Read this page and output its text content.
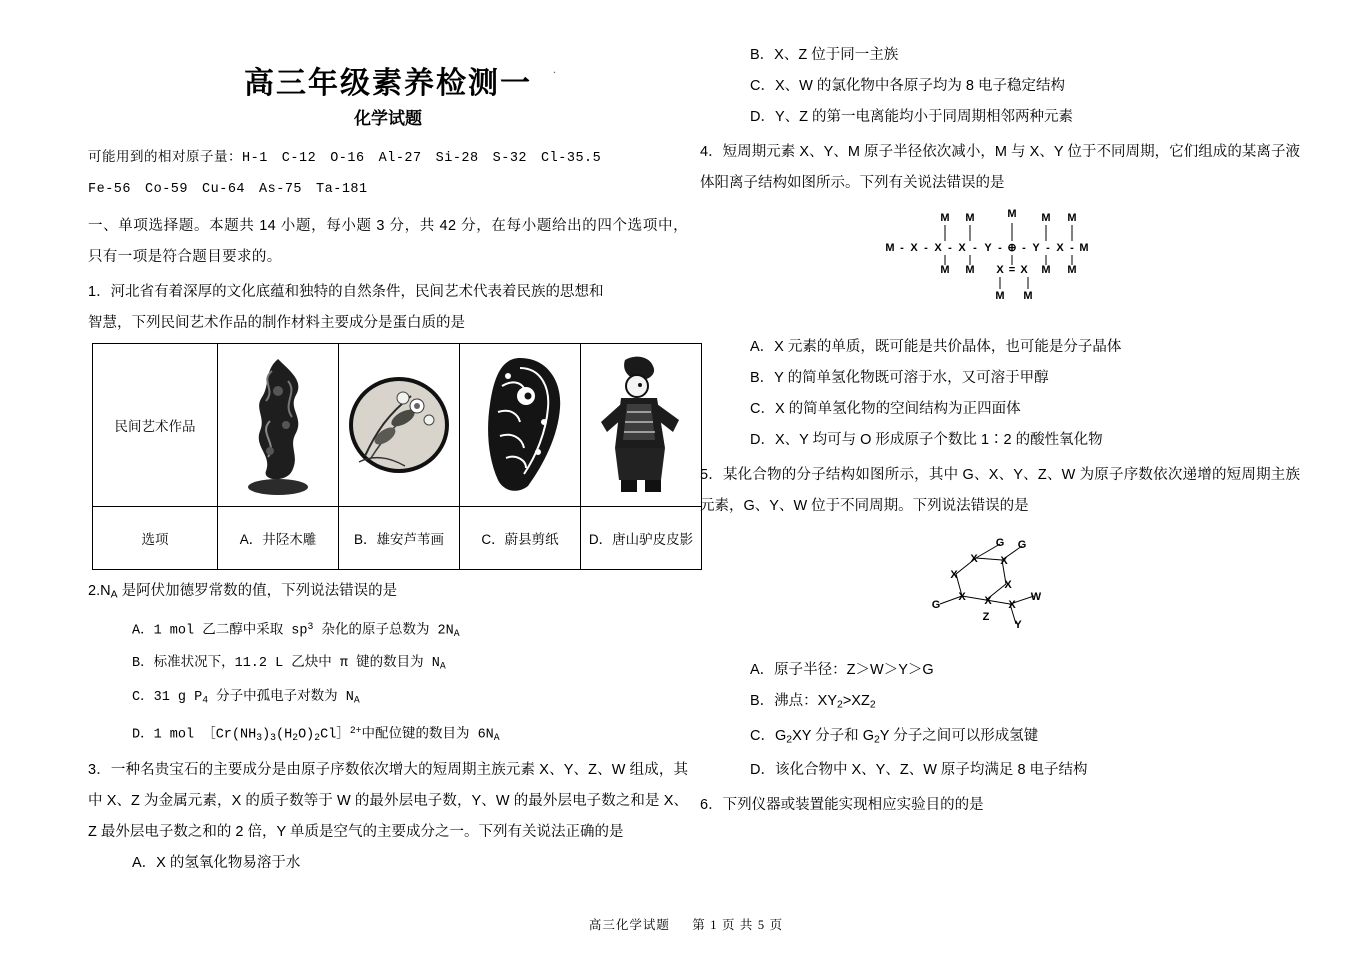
.
高三年级素养检测一
化学试题
可能用到的相对原子量：H-1　C-12　O-16　Al-27　Si-28　S-32　Cl-35.5
Fe-56　Co-59　Cu-64　As-75　Ta-181
一、单项选择题。本题共 14 小题，每小题 3 分，共 42 分，在每小题给出的四个选项中，只有一项是符合题目要求的。
1．河北省有着深厚的文化底蕴和独特的自然条件，民间艺术代表着民族的思想和
智慧，下列民间艺术作品的制作材料主要成分是蛋白质的是
民间艺术作品	

选项	A．井陉木雕	B．雄安芦苇画	C．蔚县剪纸	D．唐山驴皮皮影
$2.N_A$ 是阿伏加德罗常数的值，下列说法错误的是
A．1 mol 乙二醇中采取 $sp^3$ 杂化的原子总数为 $2N_A$
B．标准状况下，11.2 L 乙炔中 π 键的数目为 $N_A$
C．31 g $P_4$ 分子中孤电子对数为 $N_A$
D．1 mol $[Cr(NH_3)_3(H_2O)_2Cl]^{2+}$中配位键的数目为 $6N_A$
3．一种名贵宝石的主要成分是由原子序数依次增大的短周期主族元素 X、Y、Z、W 组成，其中 X、Z 为金属元素，X 的质子数等于 W 的最外层电子数，Y、W 的最外层电子数之和是 X、Z 最外层电子数之和的 2 倍，Y 单质是空气的主要成分之一。下列有关说法正确的是
A．X 的氢氧化物易溶于水
B．X、Z 位于同一主族
C．X、W 的氯化物中各原子均为 8 电子稳定结构
D．Y、Z 的第一电离能均小于同周期相邻两种元素
4．短周期元素 X、Y、M 原子半径依次减小，M 与 X、Y 位于不同周期，它们组成的某离子液体阳离子结构如图所示。下列有关说法错误的是
M M	M M M
M X X X Y ⊕ Y X M
- - - - - - - -
M M	M M
X = X
M M
A．X 元素的单质，既可能是共价晶体，也可能是分子晶体
B．Y 的简单氢化物既可溶于水，又可溶于甲醇
C．X 的简单氢化物的空间结构为正四面体
D．X、Y 均可与 O 形成原子个数比 1∶2 的酸性氧化物
5．某化合物的分子结构如图所示，其中 G、X、Y、Z、W 为原子序数依次递增的短周期主族元素，G、Y、W 位于不同周期。下列说法错误的是
G G
X
X
X
X
G
X X X
W
Z
Y
A．原子半径：Z＞W＞Y＞G
B．沸点：$XY_2>XZ_2$
C．$G_2XY$ 分子和 $G_2Y$ 分子之间可以形成氢键
D．该化合物中 X、Y、Z、W 原子均满足 8 电子结构
6．下列仪器或装置能实现相应实验目的的是
高三化学试题 第 1 页 共 5 页
